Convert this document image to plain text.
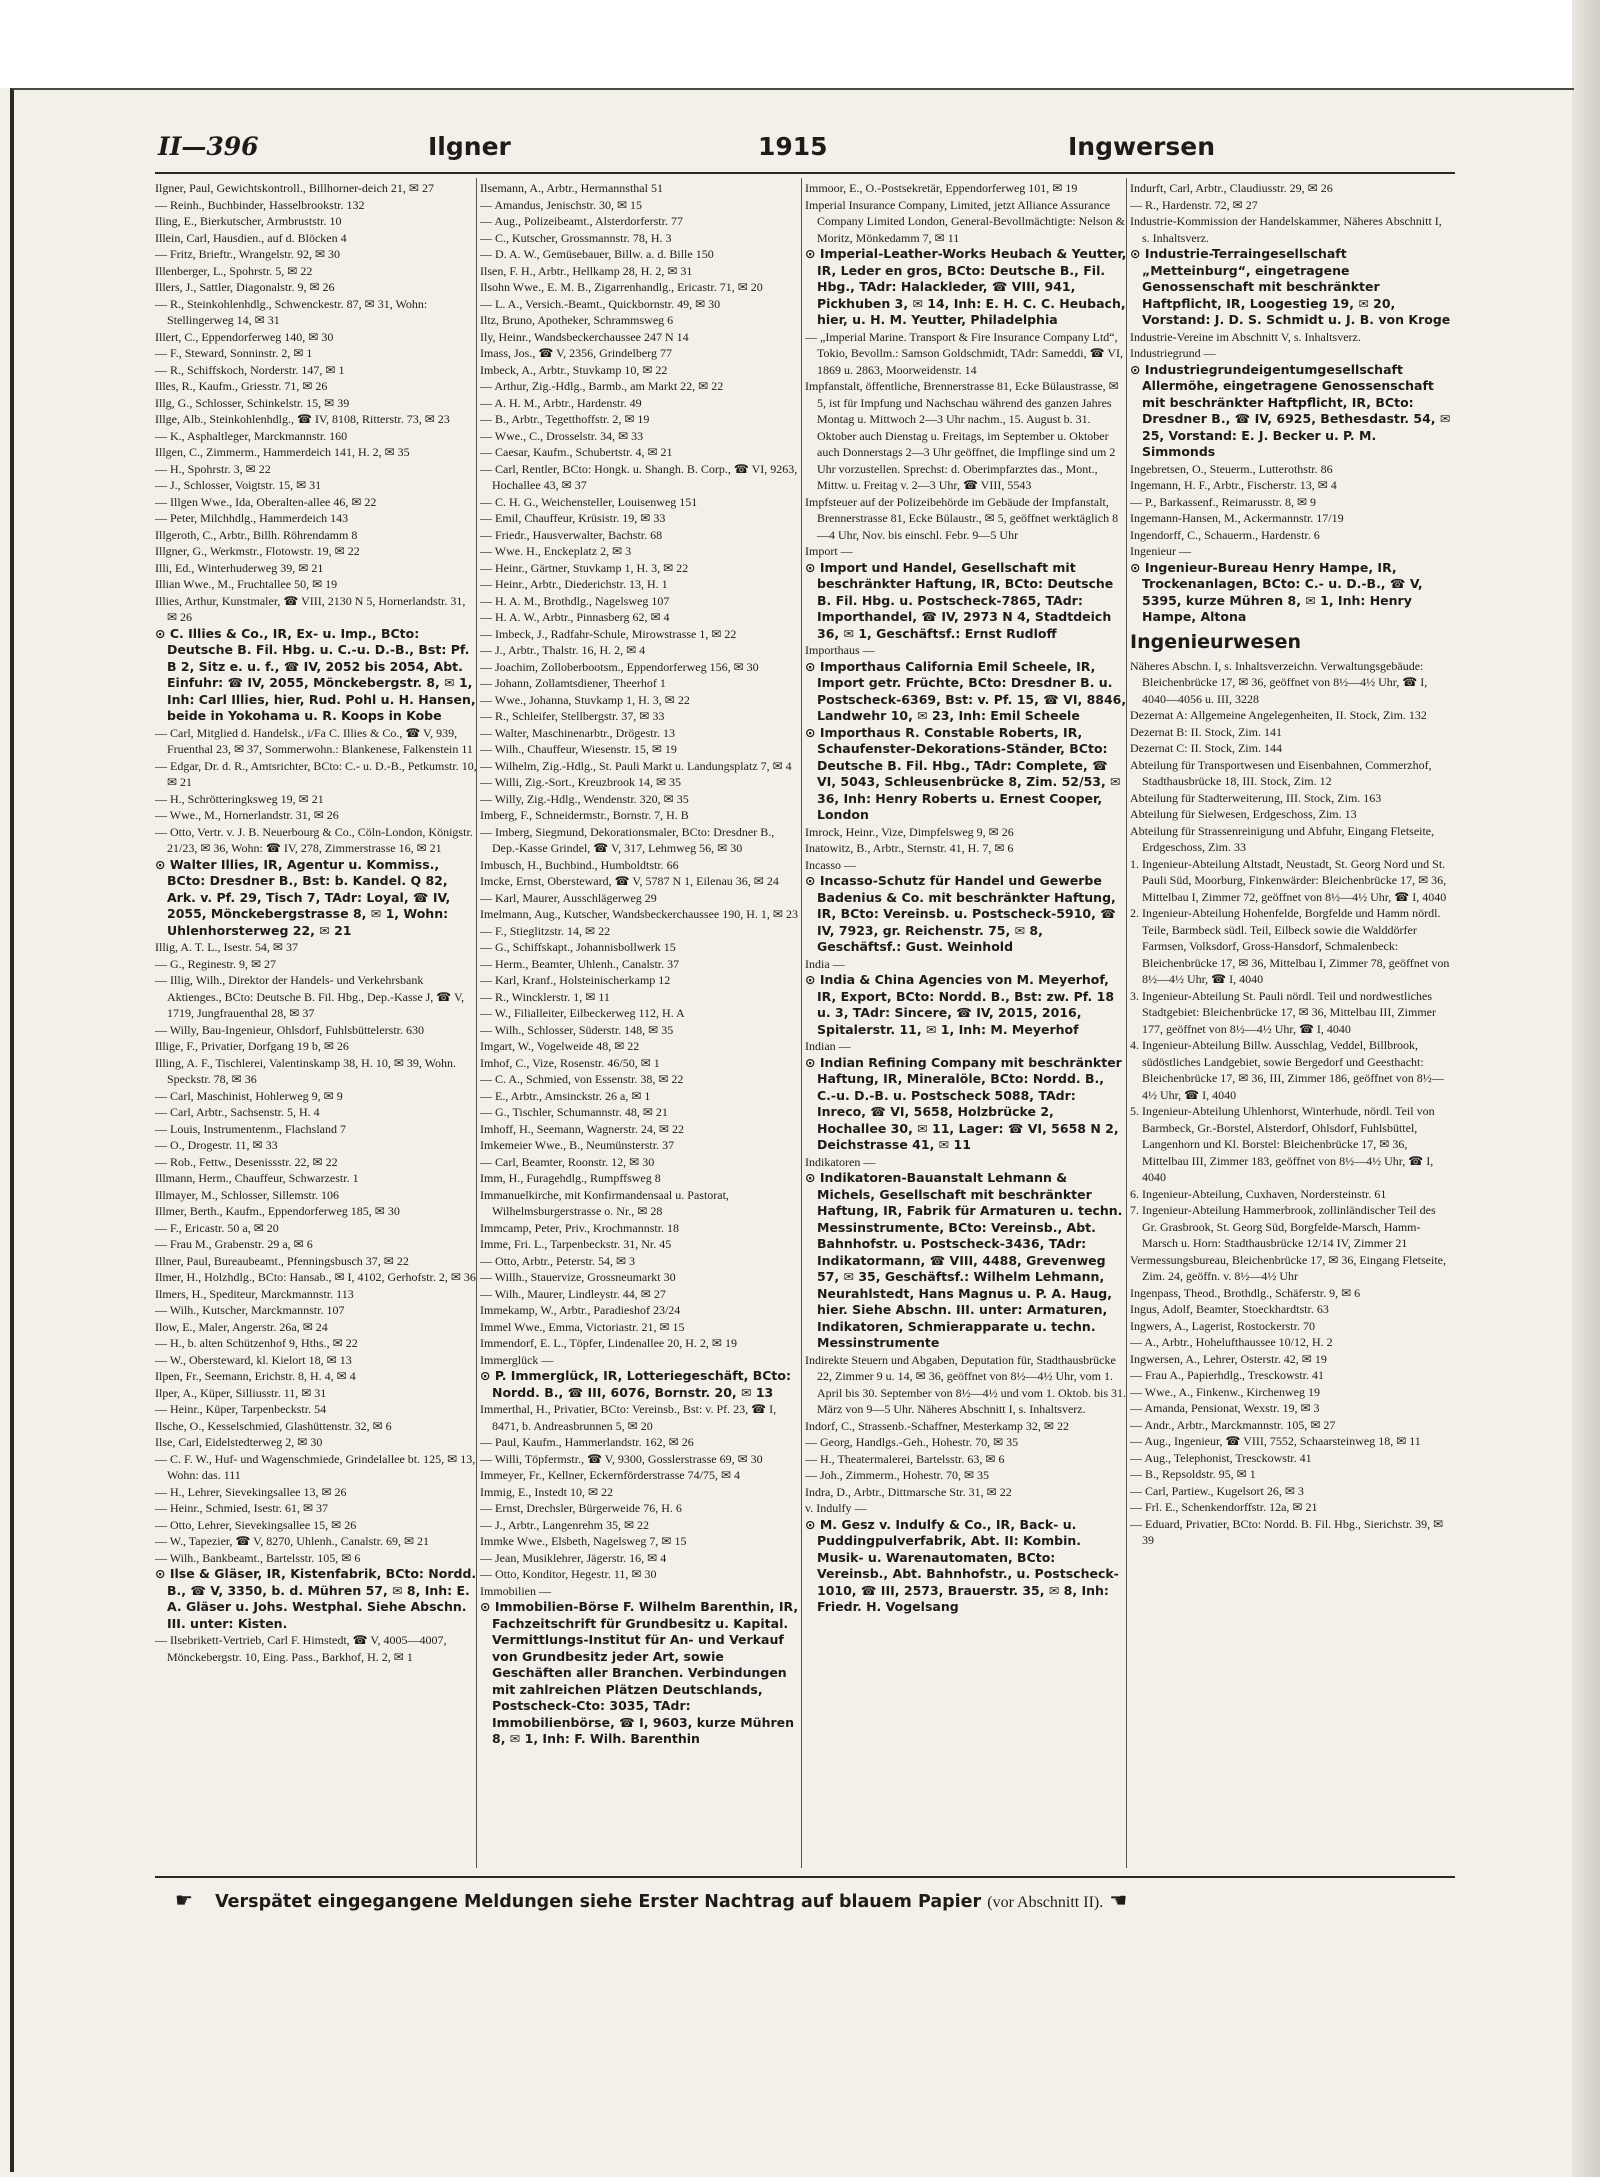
II—396	Ilgner	1915	Ingwersen

Ilgner, Paul, Gewichtskontroll., Billhorner-deich 21, ✉ 27

— Reinh., Buchbinder, Hasselbrookstr. 132

Iling, E., Bierkutscher, Armbruststr. 10

Illein, Carl, Hausdien., auf d. Blöcken 4

— Fritz, Brieftr., Wrangelstr. 92, ✉ 30

Illenberger, L., Spohrstr. 5, ✉ 22

Illers, J., Sattler, Diagonalstr. 9, ✉ 26

— R., Steinkohlenhdlg., Schwenckestr. 87, ✉ 31, Wohn: Stellingerweg 14, ✉ 31

Illert, C., Eppendorferweg 140, ✉ 30

— F., Steward, Sonninstr. 2, ✉ 1

— R., Schiffskoch, Norderstr. 147, ✉ 1

Illes, R., Kaufm., Griesstr. 71, ✉ 26

Illg, G., Schlosser, Schinkelstr. 15, ✉ 39

Illge, Alb., Steinkohlenhdlg., ☎ IV, 8108, Ritterstr. 73, ✉ 23

— K., Asphaltleger, Marckmannstr. 160

Illgen, C., Zimmerm., Hammerdeich 141, H. 2, ✉ 35

— H., Spohrstr. 3, ✉ 22

— J., Schlosser, Voigtstr. 15, ✉ 31

— Illgen Wwe., Ida, Oberalten-allee 46, ✉ 22

— Peter, Milchhdlg., Hammerdeich 143

Illgeroth, C., Arbtr., Billh. Röhrendamm 8

Illgner, G., Werkmstr., Flotowstr. 19, ✉ 22

Illi, Ed., Winterhuderweg 39, ✉ 21

Illian Wwe., M., Fruchtallee 50, ✉ 19

Illies, Arthur, Kunstmaler, ☎ VIII, 2130 N 5, Hornerlandstr. 31, ✉ 26

⊙ C. Illies & Co., IR, Ex- u. Imp., BCto: Deutsche B. Fil. Hbg. u. C.-u. D.-B., Bst: Pf. B 2, Sitz e. u. f., ☎ IV, 2052 bis 2054, Abt. Einfuhr: ☎ IV, 2055, Mönckebergstr. 8, ✉ 1, Inh: Carl Illies, hier, Rud. Pohl u. H. Hansen, beide in Yokohama u. R. Koops in Kobe

— Carl, Mitglied d. Handelsk., i/Fa C. Illies & Co., ☎ V, 939, Fruenthal 23, ✉ 37, Sommerwohn.: Blankenese, Falkenstein 11

— Edgar, Dr. d. R., Amtsrichter, BCto: C.- u. D.-B., Petkumstr. 10, ✉ 21

— H., Schrötteringksweg 19, ✉ 21

— Wwe., M., Hornerlandstr. 31, ✉ 26

— Otto, Vertr. v. J. B. Neuerbourg & Co., Cöln-London, Königstr. 21/23, ✉ 36, Wohn: ☎ IV, 278, Zimmerstrasse 16, ✉ 21

⊙ Walter Illies, IR, Agentur u. Kommiss., BCto: Dresdner B., Bst: b. Kandel. Q 82, Ark. v. Pf. 29, Tisch 7, TAdr: Loyal, ☎ IV, 2055, Mönckebergstrasse 8, ✉ 1, Wohn: Uhlenhorsterweg 22, ✉ 21

Illig, A. T. L., Isestr. 54, ✉ 37

— G., Reginestr. 9, ✉ 27

— Illig, Wilh., Direktor der Handels- und Verkehrsbank Aktienges., BCto: Deutsche B. Fil. Hbg., Dep.-Kasse J, ☎ V, 1719, Jungfrauenthal 28, ✉ 37

— Willy, Bau-Ingenieur, Ohlsdorf, Fuhlsbüttelerstr. 630

Illige, F., Privatier, Dorfgang 19 b, ✉ 26

Illing, A. F., Tischlerei, Valentinskamp 38, H. 10, ✉ 39, Wohn. Speckstr. 78, ✉ 36

— Carl, Maschinist, Hohlerweg 9, ✉ 9

— Carl, Arbtr., Sachsenstr. 5, H. 4

— Louis, Instrumentenm., Flachsland 7

— O., Drogestr. 11, ✉ 33

— Rob., Fettw., Desenissstr. 22, ✉ 22

Illmann, Herm., Chauffeur, Schwarzestr. 1

Illmayer, M., Schlosser, Sillemstr. 106

Illmer, Berth., Kaufm., Eppendorferweg 185, ✉ 30

— F., Ericastr. 50 a, ✉ 20

— Frau M., Grabenstr. 29 a, ✉ 6

Illner, Paul, Bureaubeamt., Pfenningsbusch 37, ✉ 22

Ilmer, H., Holzhdlg., BCto: Hansab., ✉ I, 4102, Gerhofstr. 2, ✉ 36

Ilmers, H., Spediteur, Marckmannstr. 113

— Wilh., Kutscher, Marckmannstr. 107

Ilow, E., Maler, Angerstr. 26a, ✉ 24

— H., b. alten Schützenhof 9, Hths., ✉ 22

— W., Obersteward, kl. Kielort 18, ✉ 13

Ilpen, Fr., Seemann, Erichstr. 8, H. 4, ✉ 4

Ilper, A., Küper, Silliusstr. 11, ✉ 31

— Heinr., Küper, Tarpenbeckstr. 54

Ilsche, O., Kesselschmied, Glashüttenstr. 32, ✉ 6

Ilse, Carl, Eidelstedterweg 2, ✉ 30

— C. F. W., Huf- und Wagenschmiede, Grindelallee bt. 125, ✉ 13, Wohn: das. 111

— H., Lehrer, Sievekingsallee 13, ✉ 26

— Heinr., Schmied, Isestr. 61, ✉ 37

— Otto, Lehrer, Sievekingsallee 15, ✉ 26

— W., Tapezier, ☎ V, 8270, Uhlenh., Canalstr. 69, ✉ 21

— Wilh., Bankbeamt., Bartelsstr. 105, ✉ 6

⊙ Ilse & Gläser, IR, Kistenfabrik, BCto: Nordd. B., ☎ V, 3350, b. d. Mühren 57, ✉ 8, Inh: E. A. Gläser u. Johs. Westphal. Siehe Abschn. III. unter: Kisten.

— Ilsebrikett-Vertrieb, Carl F. Himstedt, ☎ V, 4005—4007, Mönckebergstr. 10, Eing. Pass., Barkhof, H. 2, ✉ 1

Ilsemann, A., Arbtr., Hermannsthal 51

— Amandus, Jenischstr. 30, ✉ 15

— Aug., Polizeibeamt., Alsterdorferstr. 77

— C., Kutscher, Grossmannstr. 78, H. 3

— D. A. W., Gemüsebauer, Billw. a. d. Bille 150

Ilsen, F. H., Arbtr., Hellkamp 28, H. 2, ✉ 31

Ilsohn Wwe., E. M. B., Zigarrenhandlg., Ericastr. 71, ✉ 20

— L. A., Versich.-Beamt., Quickbornstr. 49, ✉ 30

Iltz, Bruno, Apotheker, Schrammsweg 6

Ily, Heinr., Wandsbeckerchaussee 247 N 14

Imass, Jos., ☎ V, 2356, Grindelberg 77

Imbeck, A., Arbtr., Stuvkamp 10, ✉ 22

— Arthur, Zig.-Hdlg., Barmb., am Markt 22, ✉ 22

— A. H. M., Arbtr., Hardenstr. 49

— B., Arbtr., Tegetthoffstr. 2, ✉ 19

— Wwe., C., Drosselstr. 34, ✉ 33

— Caesar, Kaufm., Schubertstr. 4, ✉ 21

— Carl, Rentler, BCto: Hongk. u. Shangh. B. Corp., ☎ VI, 9263, Hochallee 43, ✉ 37

— C. H. G., Weichensteller, Louisenweg 151

— Emil, Chauffeur, Krüsistr. 19, ✉ 33

— Friedr., Hausverwalter, Bachstr. 68

— Wwe. H., Enckeplatz 2, ✉ 3

— Heinr., Gärtner, Stuvkamp 1, H. 3, ✉ 22

— Heinr., Arbtr., Diederichstr. 13, H. 1

— H. A. M., Brothdlg., Nagelsweg 107

— H. A. W., Arbtr., Pinnasberg 62, ✉ 4

— Imbeck, J., Radfahr-Schule, Mirowstrasse 1, ✉ 22

— J., Arbtr., Thalstr. 16, H. 2, ✉ 4

— Joachim, Zolloberbootsm., Eppendorferweg 156, ✉ 30

— Johann, Zollamtsdiener, Theerhof 1

— Wwe., Johanna, Stuvkamp 1, H. 3, ✉ 22

— R., Schleifer, Stellbergstr. 37, ✉ 33

— Walter, Maschinenarbtr., Drögestr. 13

— Wilh., Chauffeur, Wiesenstr. 15, ✉ 19

— Wilhelm, Zig.-Hdlg., St. Pauli Markt u. Landungsplatz 7, ✉ 4

— Willi, Zig.-Sort., Kreuzbrook 14, ✉ 35

— Willy, Zig.-Hdlg., Wendenstr. 320, ✉ 35

Imberg, F., Schneidermstr., Bornstr. 7, H. B

— Imberg, Siegmund, Dekorationsmaler, BCto: Dresdner B., Dep.-Kasse Grindel, ☎ V, 317, Lehmweg 56, ✉ 30

Imbusch, H., Buchbind., Humboldtstr. 66

Imcke, Ernst, Obersteward, ☎ V, 5787 N 1, Eilenau 36, ✉ 24

— Karl, Maurer, Ausschlägerweg 29

Imelmann, Aug., Kutscher, Wandsbeckerchaussee 190, H. 1, ✉ 23

— F., Stieglitzstr. 14, ✉ 22

— G., Schiffskapt., Johannisbollwerk 15

— Herm., Beamter, Uhlenh., Canalstr. 37

— Karl, Kranf., Holsteinischerkamp 12

— R., Wincklerstr. 1, ✉ 11

— W., Filialleiter, Eilbeckerweg 112, H. A

— Wilh., Schlosser, Süderstr. 148, ✉ 35

Imgart, W., Vogelweide 48, ✉ 22

Imhof, C., Vize, Rosenstr. 46/50, ✉ 1

— C. A., Schmied, von Essenstr. 38, ✉ 22

— E., Arbtr., Amsinckstr. 26 a, ✉ 1

— G., Tischler, Schumannstr. 48, ✉ 21

Imhoff, H., Seemann, Wagnerstr. 24, ✉ 22

Imkemeier Wwe., B., Neumünsterstr. 37

— Carl, Beamter, Roonstr. 12, ✉ 30

Imm, H., Furagehdlg., Rumpffsweg 8

Immanuelkirche, mit Konfirmandensaal u. Pastorat, Wilhelmsburgerstrasse o. Nr., ✉ 28

Immcamp, Peter, Priv., Krochmannstr. 18

Imme, Fri. L., Tarpenbeckstr. 31, Nr. 45

— Otto, Arbtr., Peterstr. 54, ✉ 3

— Willh., Stauervize, Grossneumarkt 30

— Wilh., Maurer, Lindleystr. 44, ✉ 27

Immekamp, W., Arbtr., Paradieshof 23/24

Immel Wwe., Emma, Victoriastr. 21, ✉ 15

Immendorf, E. L., Töpfer, Lindenallee 20, H. 2, ✉ 19

Immerglück —

⊙ P. Immerglück, IR, Lotteriegeschäft, BCto: Nordd. B., ☎ III, 6076, Bornstr. 20, ✉ 13

Immerthal, H., Privatier, BCto: Vereinsb., Bst: v. Pf. 23, ☎ I, 8471, b. Andreasbrunnen 5, ✉ 20

— Paul, Kaufm., Hammerlandstr. 162, ✉ 26

— Willi, Töpfermstr., ☎ V, 9300, Gosslerstrasse 69, ✉ 30

Immeyer, Fr., Kellner, Eckernförderstrasse 74/75, ✉ 4

Immig, E., Instedt 10, ✉ 22

— Ernst, Drechsler, Bürgerweide 76, H. 6

— J., Arbtr., Langenrehm 35, ✉ 22

Immke Wwe., Elsbeth, Nagelsweg 7, ✉ 15

— Jean, Musiklehrer, Jägerstr. 16, ✉ 4

— Otto, Konditor, Hegestr. 11, ✉ 30

Immobilien —

⊙ Immobilien-Börse F. Wilhelm Barenthin, IR, Fachzeitschrift für Grundbesitz u. Kapital. Vermittlungs-Institut für An- und Verkauf von Grundbesitz jeder Art, sowie Geschäften aller Branchen. Verbindungen mit zahlreichen Plätzen Deutschlands, Postscheck-Cto: 3035, TAdr: Immobilienbörse, ☎ I, 9603, kurze Mühren 8, ✉ 1, Inh: F. Wilh. Barenthin

Immoor, E., O.-Postsekretär, Eppendorferweg 101, ✉ 19

Imperial Insurance Company, Limited, jetzt Alliance Assurance Company Limited London, General-Bevollmächtigte: Nelson & Moritz, Mönkedamm 7, ✉ 11

⊙ Imperial-Leather-Works Heubach & Yeutter, IR, Leder en gros, BCto: Deutsche B., Fil. Hbg., TAdr: Halackleder, ☎ VIII, 941, Pickhuben 3, ✉ 14, Inh: E. H. C. C. Heubach, hier, u. H. M. Yeutter, Philadelphia

— „Imperial Marine. Transport & Fire Insurance Company Ltd“, Tokio, Bevollm.: Samson Goldschmidt, TAdr: Sameddi, ☎ VI, 1869 u. 2863, Moorweidenstr. 14

Impfanstalt, öffentliche, Brennerstrasse 81, Ecke Bülaustrasse, ✉ 5, ist für Impfung und Nachschau während des ganzen Jahres Montag u. Mittwoch 2—3 Uhr nachm., 15. August b. 31. Oktober auch Dienstag u. Freitags, im September u. Oktober auch Donnerstags 2—3 Uhr geöffnet, die Impflinge sind um 2 Uhr vorzustellen. Sprechst: d. Oberimpfarztes das., Mont., Mittw. u. Freitag v. 2—3 Uhr, ☎ VIII, 5543

Impfsteuer auf der Polizeibehörde im Gebäude der Impfanstalt, Brennerstrasse 81, Ecke Bülaustr., ✉ 5, geöffnet werktäglich 8—4 Uhr, Nov. bis einschl. Febr. 9—5 Uhr

Import —

⊙ Import und Handel, Gesellschaft mit beschränkter Haftung, IR, BCto: Deutsche B. Fil. Hbg. u. Postscheck-7865, TAdr: Importhandel, ☎ IV, 2973 N 4, Stadtdeich 36, ✉ 1, Geschäftsf.: Ernst Rudloff

Importhaus —

⊙ Importhaus California Emil Scheele, IR, Import getr. Früchte, BCto: Dresdner B. u. Postscheck-6369, Bst: v. Pf. 15, ☎ VI, 8846, Landwehr 10, ✉ 23, Inh: Emil Scheele

⊙ Importhaus R. Constable Roberts, IR, Schaufenster-Dekorations-Ständer, BCto: Deutsche B. Fil. Hbg., TAdr: Complete, ☎ VI, 5043, Schleusenbrücke 8, Zim. 52/53, ✉ 36, Inh: Henry Roberts u. Ernest Cooper, London

Imrock, Heinr., Vize, Dimpfelsweg 9, ✉ 26

Inatowitz, B., Arbtr., Sternstr. 41, H. 7, ✉ 6

Incasso —

⊙ Incasso-Schutz für Handel und Gewerbe Badenius & Co. mit beschränkter Haftung, IR, BCto: Vereinsb. u. Postscheck-5910, ☎ IV, 7923, gr. Reichenstr. 75, ✉ 8, Geschäftsf.: Gust. Weinhold

India —

⊙ India & China Agencies von M. Meyerhof, IR, Export, BCto: Nordd. B., Bst: zw. Pf. 18 u. 3, TAdr: Sincere, ☎ IV, 2015, 2016, Spitalerstr. 11, ✉ 1, Inh: M. Meyerhof

Indian —

⊙ Indian Refining Company mit beschränkter Haftung, IR, Mineralöle, BCto: Nordd. B., C.-u. D.-B. u. Postscheck 5088, TAdr: Inreco, ☎ VI, 5658, Holzbrücke 2, Hochallee 30, ✉ 11, Lager: ☎ VI, 5658 N 2, Deichstrasse 41, ✉ 11

Indikatoren —

⊙ Indikatoren-Bauanstalt Lehmann & Michels, Gesellschaft mit beschränkter Haftung, IR, Fabrik für Armaturen u. techn. Messinstrumente, BCto: Vereinsb., Abt. Bahnhofstr. u. Postscheck-3436, TAdr: Indikatormann, ☎ VIII, 4488, Grevenweg 57, ✉ 35, Geschäftsf.: Wilhelm Lehmann, Neurahlstedt, Hans Magnus u. P. A. Haug, hier. Siehe Abschn. III. unter: Armaturen, Indikatoren, Schmierapparate u. techn. Messinstrumente

Indirekte Steuern und Abgaben, Deputation für, Stadthausbrücke 22, Zimmer 9 u. 14, ✉ 36, geöffnet von 8½—4½ Uhr, vom 1. April bis 30. September von 8½—4½ und vom 1. Oktob. bis 31. März von 9—5 Uhr. Näheres Abschnitt I, s. Inhaltsverz.

Indorf, C., Strassenb.-Schaffner, Mesterkamp 32, ✉ 22

— Georg, Handlgs.-Geh., Hohestr. 70, ✉ 35

— H., Theatermalerei, Bartelsstr. 63, ✉ 6

— Joh., Zimmerm., Hohestr. 70, ✉ 35

Indra, D., Arbtr., Dittmarsche Str. 31, ✉ 22

v. Indulfy —

⊙ M. Gesz v. Indulfy & Co., IR, Back- u. Puddingpulverfabrik, Abt. II: Kombin. Musik- u. Warenautomaten, BCto: Vereinsb., Abt. Bahnhofstr., u. Postscheck-1010, ☎ III, 2573, Brauerstr. 35, ✉ 8, Inh: Friedr. H. Vogelsang

Indurft, Carl, Arbtr., Claudiusstr. 29, ✉ 26

— R., Hardenstr. 72, ✉ 27

Industrie-Kommission der Handelskammer, Näheres Abschnitt I, s. Inhaltsverz.

⊙ Industrie-Terraingesellschaft „Metteinburg“, eingetragene Genossenschaft mit beschränkter Haftpflicht, IR, Loogestieg 19, ✉ 20, Vorstand: J. D. S. Schmidt u. J. B. von Kroge

Industrie-Vereine im Abschnitt V, s. Inhaltsverz.

Industriegrund —

⊙ Industriegrundeigentumgesellschaft Allermöhe, eingetragene Genossenschaft mit beschränkter Haftpflicht, IR, BCto: Dresdner B., ☎ IV, 6925, Bethesdastr. 54, ✉ 25, Vorstand: E. J. Becker u. P. M. Simmonds

Ingebretsen, O., Steuerm., Lutterothstr. 86

Ingemann, H. F., Arbtr., Fischerstr. 13, ✉ 4

— P., Barkassenf., Reimarusstr. 8, ✉ 9

Ingemann-Hansen, M., Ackermannstr. 17/19

Ingendorff, C., Schauerm., Hardenstr. 6

Ingenieur —

⊙ Ingenieur-Bureau Henry Hampe, IR, Trockenanlagen, BCto: C.- u. D.-B., ☎ V, 5395, kurze Mühren 8, ✉ 1, Inh: Henry Hampe, Altona

Ingenieurwesen

Näheres Abschn. I, s. Inhaltsverzeichn. Verwaltungsgebäude: Bleichenbrücke 17, ✉ 36, geöffnet von 8½—4½ Uhr, ☎ I, 4040—4056 u. III, 3228

Dezernat A: Allgemeine Angelegenheiten, II. Stock, Zim. 132

Dezernat B: II. Stock, Zim. 141

Dezernat C: II. Stock, Zim. 144

Abteilung für Transportwesen und Eisenbahnen, Commerzhof, Stadthausbrücke 18, III. Stock, Zim. 12

Abteilung für Stadterweiterung, III. Stock, Zim. 163

Abteilung für Sielwesen, Erdgeschoss, Zim. 13

Abteilung für Strassenreinigung und Abfuhr, Eingang Fletseite, Erdgeschoss, Zim. 33

1. Ingenieur-Abteilung Altstadt, Neustadt, St. Georg Nord und St. Pauli Süd, Moorburg, Finkenwärder: Bleichenbrücke 17, ✉ 36, Mittelbau I, Zimmer 72, geöffnet von 8½—4½ Uhr, ☎ I, 4040

2. Ingenieur-Abteilung Hohenfelde, Borgfelde und Hamm nördl. Teile, Barmbeck südl. Teil, Eilbeck sowie die Walddörfer Farmsen, Volksdorf, Gross-Hansdorf, Schmalenbeck: Bleichenbrücke 17, ✉ 36, Mittelbau I, Zimmer 78, geöffnet von 8½—4½ Uhr, ☎ I, 4040

3. Ingenieur-Abteilung St. Pauli nördl. Teil und nordwestliches Stadtgebiet: Bleichenbrücke 17, ✉ 36, Mittelbau III, Zimmer 177, geöffnet von 8½—4½ Uhr, ☎ I, 4040

4. Ingenieur-Abteilung Billw. Ausschlag, Veddel, Billbrook, südöstliches Landgebiet, sowie Bergedorf und Geesthacht: Bleichenbrücke 17, ✉ 36, III, Zimmer 186, geöffnet von 8½—4½ Uhr, ☎ I, 4040

5. Ingenieur-Abteilung Uhlenhorst, Winterhude, nördl. Teil von Barmbeck, Gr.-Borstel, Alsterdorf, Ohlsdorf, Fuhlsbüttel, Langenhorn und Kl. Borstel: Bleichenbrücke 17, ✉ 36, Mittelbau III, Zimmer 183, geöffnet von 8½—4½ Uhr, ☎ I, 4040

6. Ingenieur-Abteilung, Cuxhaven, Nordersteinstr. 61

7. Ingenieur-Abteilung Hammerbrook, zollinländischer Teil des Gr. Grasbrook, St. Georg Süd, Borgfelde-Marsch, Hamm-Marsch u. Horn: Stadthausbrücke 12/14 IV, Zimmer 21

Vermessungsbureau, Bleichenbrücke 17, ✉ 36, Eingang Fletseite, Zim. 24, geöffn. v. 8½—4½ Uhr

Ingenpass, Theod., Brothdlg., Schäferstr. 9, ✉ 6

Ingus, Adolf, Beamter, Stoeckhardtstr. 63

Ingwers, A., Lagerist, Rostockerstr. 70

— A., Arbtr., Hohelufthaussee 10/12, H. 2

Ingwersen, A., Lehrer, Osterstr. 42, ✉ 19

— Frau A., Papierhdlg., Tresckowstr. 41

— Wwe., A., Finkenw., Kirchenweg 19

— Amanda, Pensionat, Wexstr. 19, ✉ 3

— Andr., Arbtr., Marckmannstr. 105, ✉ 27

— Aug., Ingenieur, ☎ VIII, 7552, Schaarsteinweg 18, ✉ 11

— Aug., Telephonist, Tresckowstr. 41

— B., Repsoldstr. 95, ✉ 1

— Carl, Partiew., Kugelsort 26, ✉ 3

— Frl. E., Schenkendorffstr. 12a, ✉ 21

— Eduard, Privatier, BCto: Nordd. B. Fil. Hbg., Sierichstr. 39, ✉ 39

☛ Verspätet eingegangene Meldungen siehe Erster Nachtrag auf blauem Papier (vor Abschnitt II). ☚
